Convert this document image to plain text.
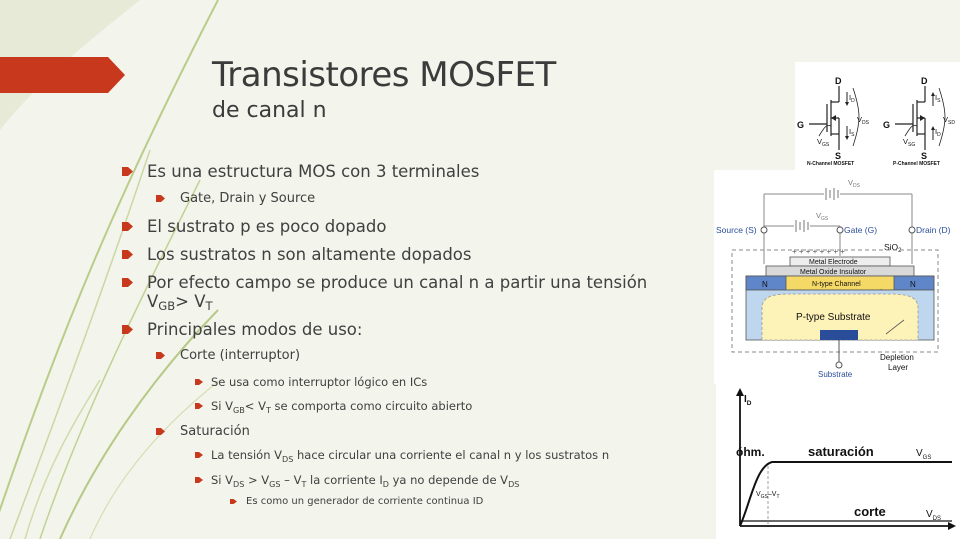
Transistores MOSFET
de canal n
Es una estructura MOS con 3 terminales
Gate, Drain y Source
El sustrato p es poco dopado
Los sustratos n son altamente dopados
Por efecto campo se produce un canal n a partir una tensión
$V_{GB}> V_T$
Principales modos de uso:
Corte (interruptor)
Se usa como interruptor lógico en ICs
Si $V_{GB}< V_T$ se comporta como circuito abierto
Saturación
La tensión $V_{DS}$ hace circular una corriente el canal n y los sustratos n
Si $V_{DS} > V_{GS} - V_T$ la corriente $I_D$ ya no depende de $V_{DS}$
Es como un generador de corriente continua ID
D
G
S
$I_D$
$I_S$
$V_{DS}$
$V_{GS}$
N-Channel MOSFET
D
G
S
$I_S$
$I_D$
$V_{SD}$
$V_{SG}$
P-Channel MOSFET
$V_{DS}$
$V_{GS}$
Source (S)	Gate (G)	Drain (D)
SiO$_2$
+ + + + + + + +
Metal Electrode
Metal Oxide Insulator
N	N
N-type Channel
P-type Substrate
Substrate
Depletion
Layer
$I_D$
óhm.	saturación	$V_{GS}$
$V_{GS}-V_T$
corte	$V_{DS}$
